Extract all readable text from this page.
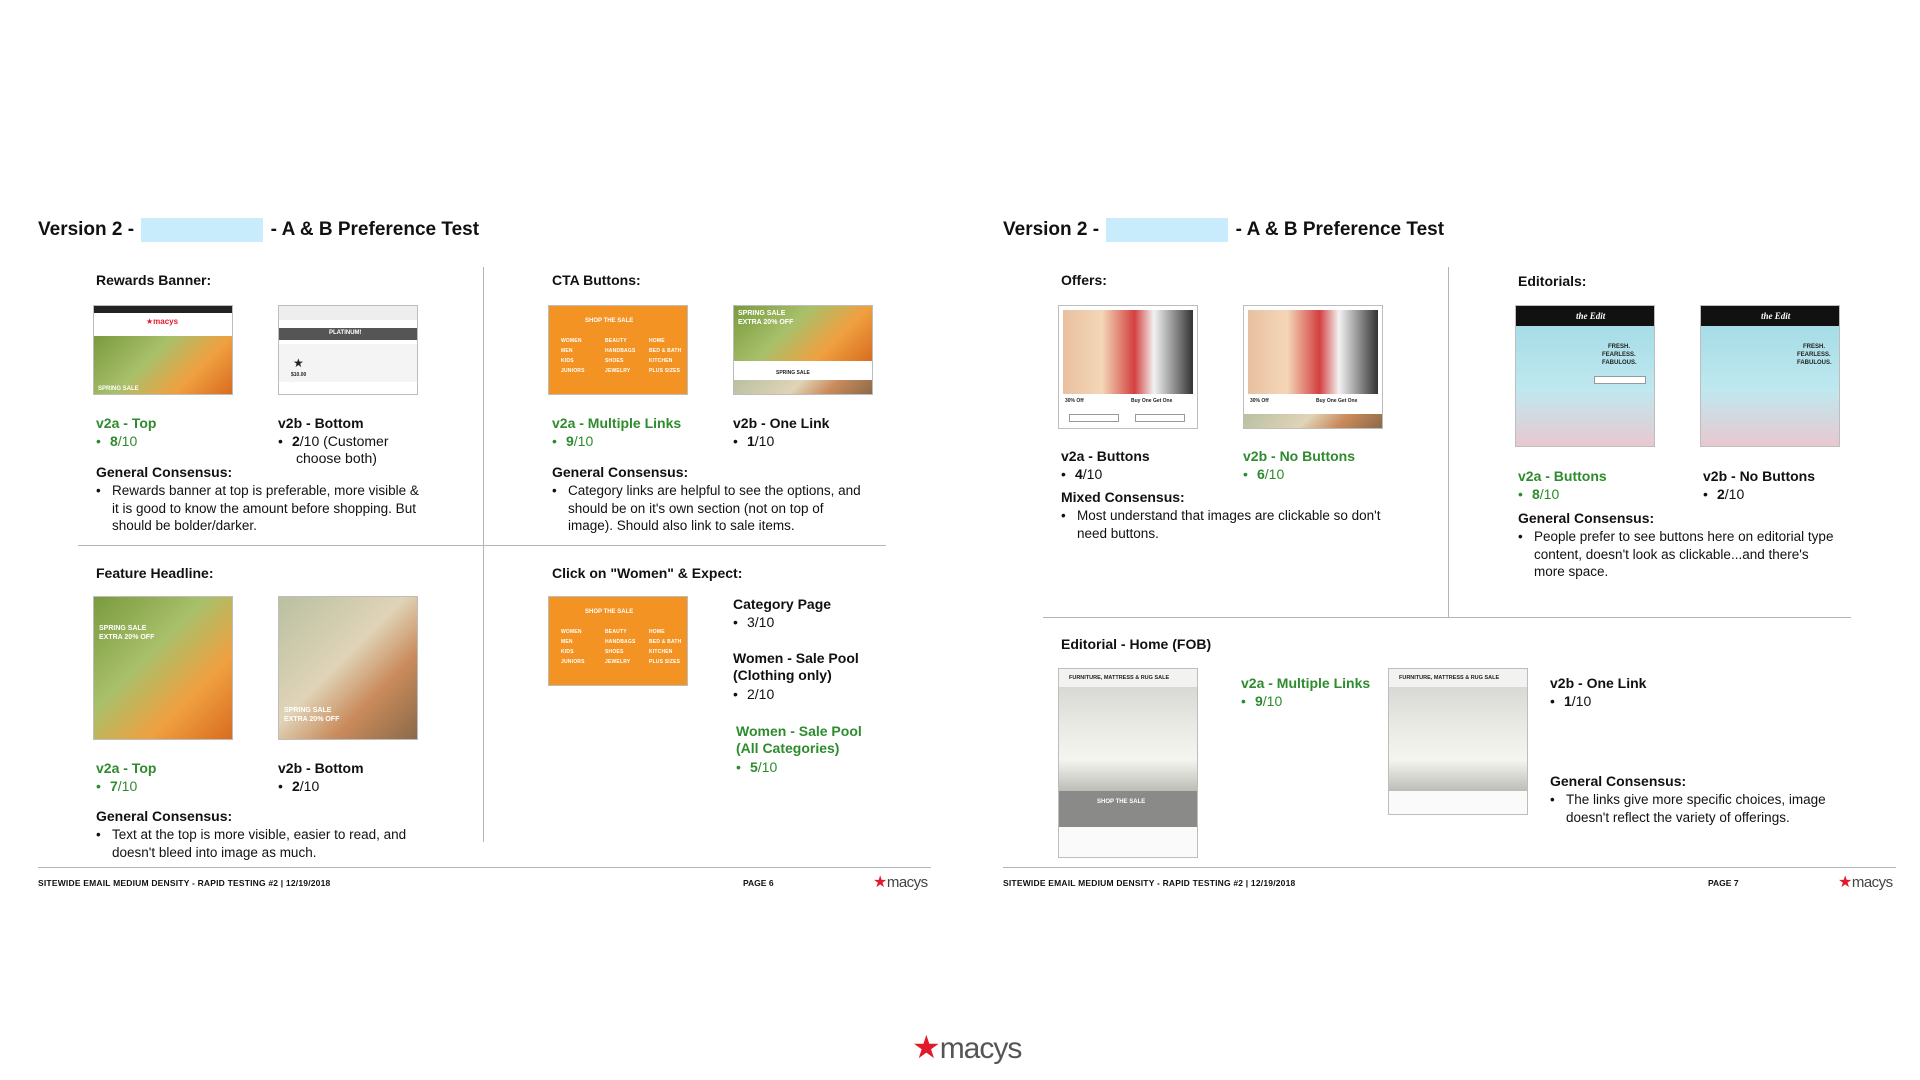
Version 2 -	- A & B Preference Test
Rewards Banner:
★macys
SPRING SALE
PLATINUM!
★
$10.00
v2a - Top
• 8/10
v2b - Bottom
• 2/10 (Customer
choose both)
General Consensus:
• Rewards banner at top is preferable, more visible & it is good to know the amount before shopping. But should be bolder/darker.
CTA Buttons:
SHOP THE SALE
WOMEN
MEN
KIDS
JUNIORS
BEAUTY
HANDBAGS
SHOES
JEWELRY
HOME
BED & BATH
KITCHEN
PLUS SIZES
SPRING SALE
EXTRA 20% OFF
SPRING SALE
v2a - Multiple Links
• 9/10
v2b - One Link
• 1/10
General Consensus:
• Category links are helpful to see the options, and should be on it's own section (not on top of image). Should also link to sale items.
Feature Headline:
SPRING SALE
EXTRA 20% OFF
SPRING SALE
EXTRA 20% OFF
v2a - Top
• 7/10
v2b - Bottom
• 2/10
General Consensus:
• Text at the top is more visible, easier to read, and doesn't bleed into image as much.
Click on "Women" & Expect:
SHOP THE SALE
WOMEN
MEN
KIDS
JUNIORS
BEAUTY
HANDBAGS
SHOES
JEWELRY
HOME
BED & BATH
KITCHEN
PLUS SIZES
Category Page
• 3/10
Women - Sale Pool
(Clothing only)
• 2/10
Women - Sale Pool
(All Categories)
• 5/10
SITEWIDE EMAIL MEDIUM DENSITY - RAPID TESTING #2 | 12/19/2018	PAGE 6	★macys
Version 2 -	- A & B Preference Test
Offers:
30% Off	Buy One Get One	30% Off	Buy One Get One
v2a - Buttons
• 4/10
v2b - No Buttons
• 6/10
Mixed Consensus:
• Most understand that images are clickable so don't need buttons.
Editorials:
the Edit
FRESH.
FEARLESS.
FABULOUS.
the Edit
FRESH.
FEARLESS.
FABULOUS.
v2a - Buttons
• 8/10
v2b - No Buttons
• 2/10
General Consensus:
• People prefer to see buttons here on editorial type content, doesn't look as clickable...and there's more space.
Editorial - Home (FOB)
FURNITURE, MATTRESS & RUG SALE
SHOP THE SALE
v2a - Multiple Links
• 9/10
FURNITURE, MATTRESS & RUG SALE	v2b - One Link
• 1/10
General Consensus:
• The links give more specific choices, image doesn't reflect the variety of offerings.
SITEWIDE EMAIL MEDIUM DENSITY - RAPID TESTING #2 | 12/19/2018	PAGE 7	★macys
★macys
